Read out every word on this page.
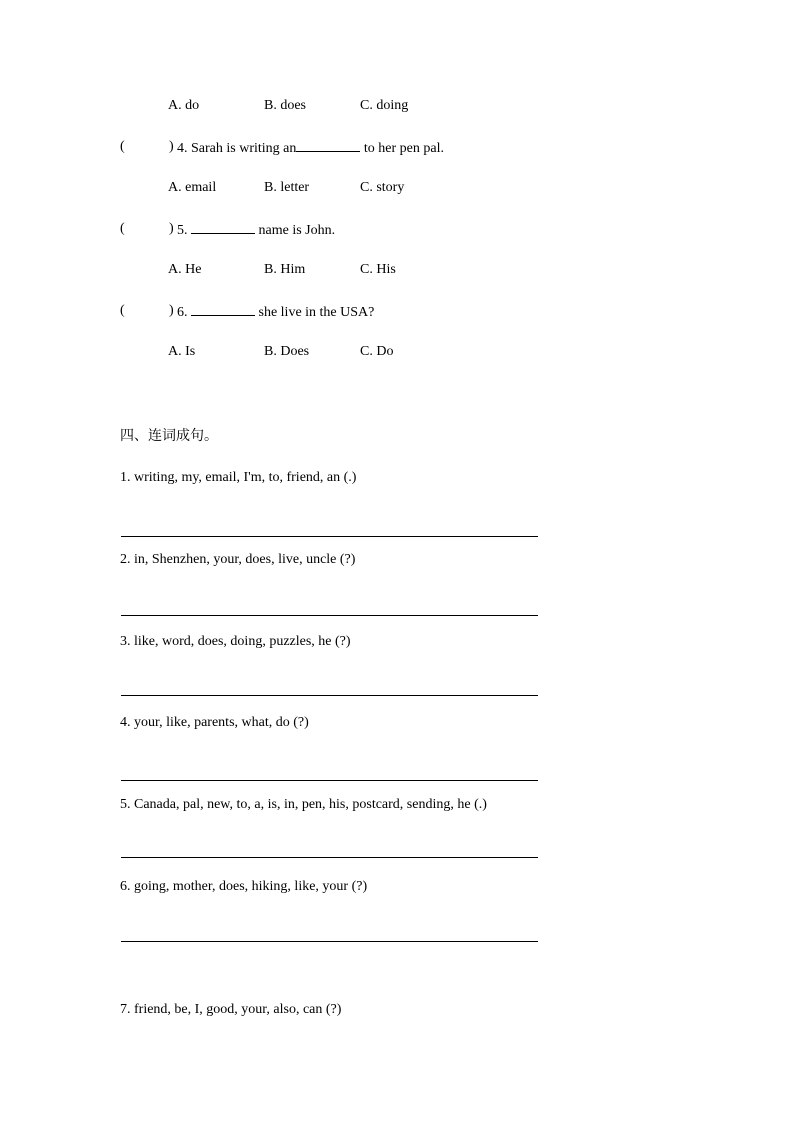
A. do	B. does	C. doing
(	) 4. Sarah is writing an	to her pen pal.
A. email	B. letter	C. story
(	) 5.	name is John.
A. He	B. Him	C. His
(	) 6.	she live in the USA?
A. Is	B. Does	C. Do
四、连词成句。
1. writing, my, email, I'm, to, friend, an (.)
2. in, Shenzhen, your, does, live, uncle (?)
3. like, word, does, doing, puzzles, he (?)
4. your, like, parents, what, do (?)
5. Canada, pal, new, to, a, is, in, pen, his, postcard, sending, he (.)
6. going, mother, does, hiking, like, your (?)
7. friend, be, I, good, your, also, can (?)
